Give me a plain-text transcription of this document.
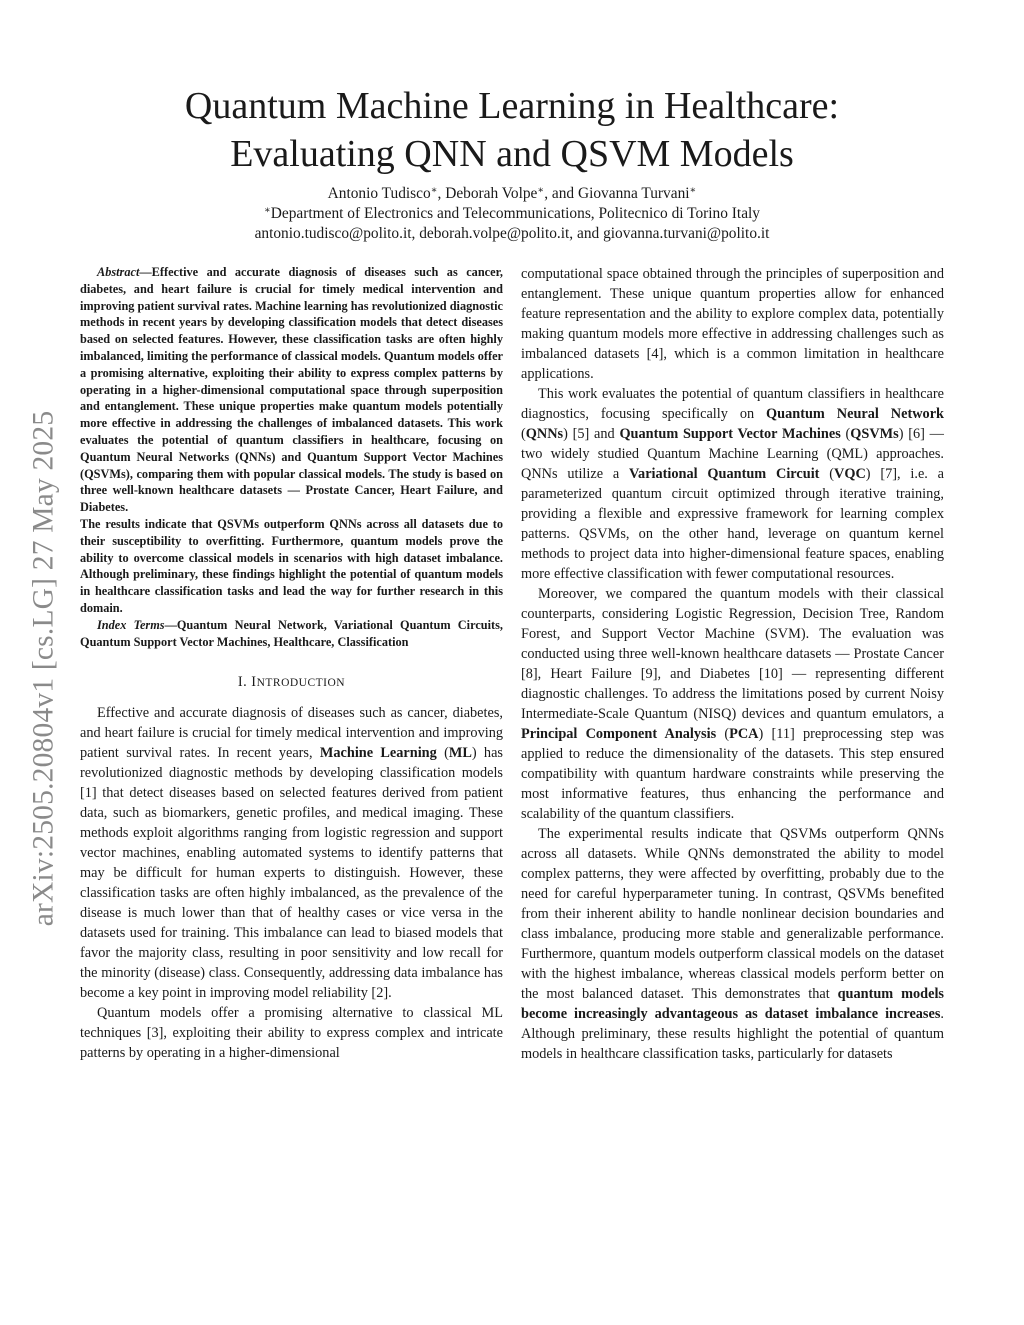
arXiv:2505.20804v1 [cs.LG] 27 May 2025
Quantum Machine Learning in Healthcare:
Evaluating QNN and QSVM Models
Antonio Tudisco∗, Deborah Volpe∗, and Giovanna Turvani∗
∗Department of Electronics and Telecommunications, Politecnico di Torino Italy
antonio.tudisco@polito.it, deborah.volpe@polito.it, and giovanna.turvani@polito.it

Abstract—Effective and accurate diagnosis of diseases such as cancer, diabetes, and heart failure is crucial for timely medical intervention and improving patient survival rates. Machine learning has revolutionized diagnostic methods in recent years by developing classification models that detect diseases based on selected features. However, these classification tasks are often highly imbalanced, limiting the performance of classical models. Quantum models offer a promising alternative, exploiting their ability to express complex patterns by operating in a higher-dimensional computational space through superposition and entanglement. These unique properties make quantum models potentially more effective in addressing the challenges of imbalanced datasets. This work evaluates the potential of quantum classifiers in healthcare, focusing on Quantum Neural Networks (QNNs) and Quantum Support Vector Machines (QSVMs), comparing them with popular classical models. The study is based on three well-known healthcare datasets — Prostate Cancer, Heart Failure, and Diabetes.

The results indicate that QSVMs outperform QNNs across all datasets due to their susceptibility to overfitting. Furthermore, quantum models prove the ability to overcome classical models in scenarios with high dataset imbalance. Although preliminary, these findings highlight the potential of quantum models in healthcare classification tasks and lead the way for further research in this domain.

Index Terms—Quantum Neural Network, Variational Quantum Circuits, Quantum Support Vector Machines, Healthcare, Classification

I. INTRODUCTION

Effective and accurate diagnosis of diseases such as cancer, diabetes, and heart failure is crucial for timely medical intervention and improving patient survival rates. In recent years, Machine Learning (ML) has revolutionized diagnostic methods by developing classification models [1] that detect diseases based on selected features derived from patient data, such as biomarkers, genetic profiles, and medical imaging. These methods exploit algorithms ranging from logistic regression and support vector machines, enabling automated systems to identify patterns that may be difficult for human experts to distinguish. However, these classification tasks are often highly imbalanced, as the prevalence of the disease is much lower than that of healthy cases or vice versa in the datasets used for training. This imbalance can lead to biased models that favor the majority class, resulting in poor sensitivity and low recall for the minority (disease) class. Consequently, addressing data imbalance has become a key point in improving model reliability [2].

Quantum models offer a promising alternative to classical ML techniques [3], exploiting their ability to express complex and intricate patterns by operating in a higher-dimensional

computational space obtained through the principles of superposition and entanglement. These unique quantum properties allow for enhanced feature representation and the ability to explore complex data, potentially making quantum models more effective in addressing challenges such as imbalanced datasets [4], which is a common limitation in healthcare applications.

This work evaluates the potential of quantum classifiers in healthcare diagnostics, focusing specifically on Quantum Neural Network (QNNs) [5] and Quantum Support Vector Machines (QSVMs) [6] — two widely studied Quantum Machine Learning (QML) approaches. QNNs utilize a Variational Quantum Circuit (VQC) [7], i.e. a parameterized quantum circuit optimized through iterative training, providing a flexible and expressive framework for learning complex patterns. QSVMs, on the other hand, leverage on quantum kernel methods to project data into higher-dimensional feature spaces, enabling more effective classification with fewer computational resources.

Moreover, we compared the quantum models with their classical counterparts, considering Logistic Regression, Decision Tree, Random Forest, and Support Vector Machine (SVM). The evaluation was conducted using three well-known healthcare datasets — Prostate Cancer [8], Heart Failure [9], and Diabetes [10] — representing different diagnostic challenges. To address the limitations posed by current Noisy Intermediate-Scale Quantum (NISQ) devices and quantum emulators, a Principal Component Analysis (PCA) [11] preprocessing step was applied to reduce the dimensionality of the datasets. This step ensured compatibility with quantum hardware constraints while preserving the most informative features, thus enhancing the performance and scalability of the quantum classifiers.

The experimental results indicate that QSVMs outperform QNNs across all datasets. While QNNs demonstrated the ability to model complex patterns, they were affected by overfitting, probably due to the need for careful hyperparameter tuning. In contrast, QSVMs benefited from their inherent ability to handle nonlinear decision boundaries and class imbalance, producing more stable and generalizable performance. Furthermore, quantum models outperform classical models on the dataset with the highest imbalance, whereas classical models perform better on the most balanced dataset. This demonstrates that quantum models become increasingly advantageous as dataset imbalance increases. Although preliminary, these results highlight the potential of quantum models in healthcare classification tasks, particularly for datasets
